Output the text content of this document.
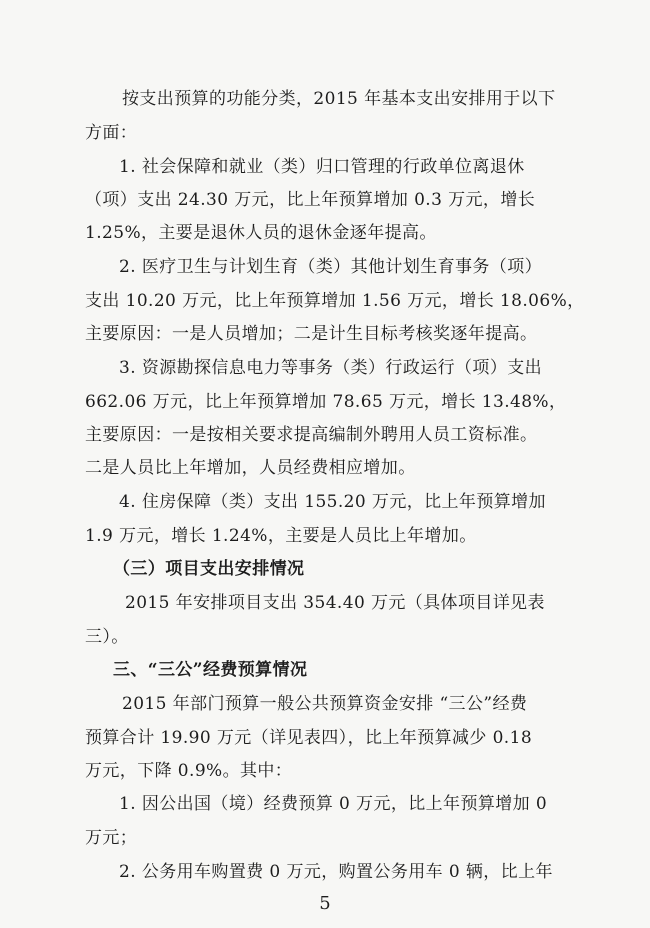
按支出预算的功能分类，2015 年基本支出安排用于以下
方面：
1. 社会保障和就业（类）归口管理的行政单位离退休
（项）支出 24.30 万元，比上年预算增加 0.3 万元，增长
1.25%，主要是退休人员的退休金逐年提高。
2. 医疗卫生与计划生育（类）其他计划生育事务（项）
支出 10.20 万元，比上年预算增加 1.56 万元，增长 18.06%，
主要原因：一是人员增加；二是计生目标考核奖逐年提高。
3. 资源勘探信息电力等事务（类）行政运行（项）支出
662.06 万元，比上年预算增加 78.65 万元，增长 13.48%，
主要原因：一是按相关要求提高编制外聘用人员工资标准。
二是人员比上年增加，人员经费相应增加。
4. 住房保障（类）支出 155.20 万元，比上年预算增加
1.9 万元，增长 1.24%，主要是人员比上年增加。
（三）项目支出安排情况
2015 年安排项目支出 354.40 万元（具体项目详见表
三）。
三、“三公”经费预算情况
2015 年部门预算一般公共预算资金安排 “三公”经费
预算合计 19.90 万元（详见表四），比上年预算减少 0.18
万元，下降 0.9%。其中：
1. 因公出国（境）经费预算 0 万元，比上年预算增加 0
万元；
2. 公务用车购置费 0 万元，购置公务用车 0 辆，比上年
5
